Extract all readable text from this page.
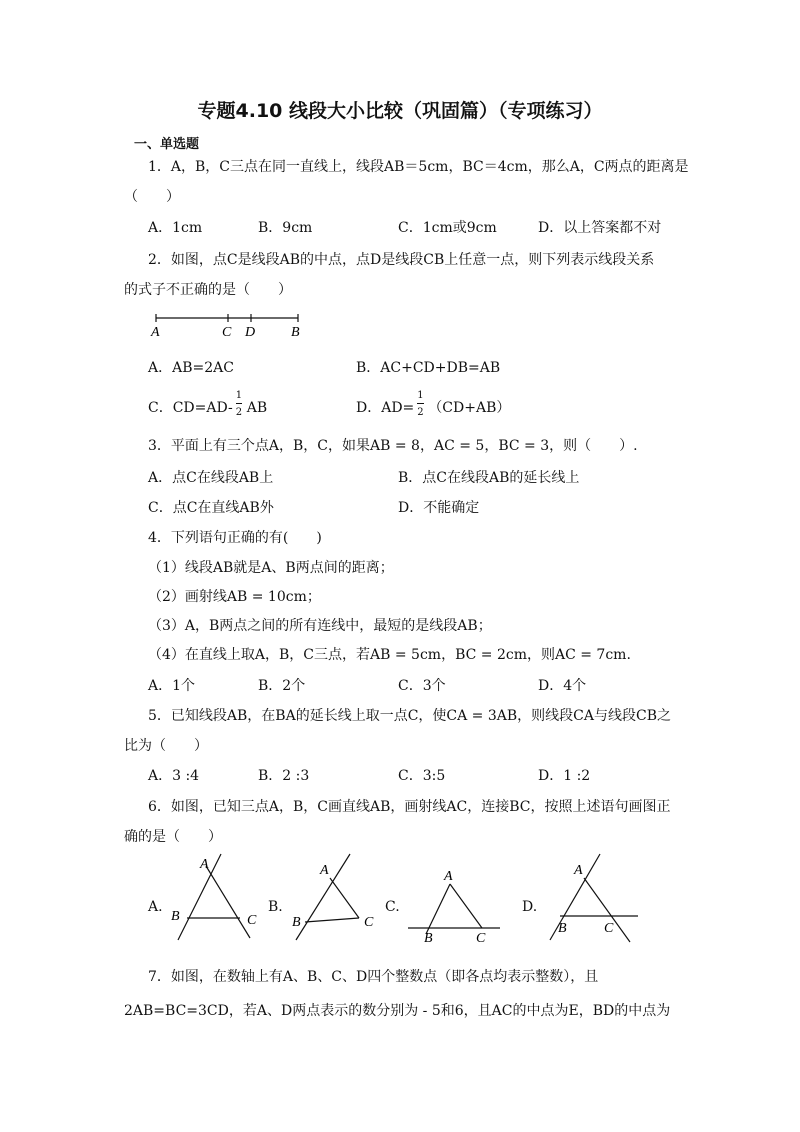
专题4.10 线段大小比较（巩固篇）（专项练习）
一、单选题
1．A，B，C三点在同一直线上，线段AB＝5cm，BC＝4cm，那么A，C两点的距离是
（　　）
A．1cm	B．9cm	C．1cm或9cm	D．以上答案都不对
2．如图，点C是线段AB的中点，点D是线段CB上任意一点，则下列表示线段关系
的式子不正确的是（　　）
A	C D	B
A．AB=2AC	B．AC+CD+DB=AB
C．$CD=AD- \frac{1}{2}$ AB	D．$AD= \frac{1}{2} (CD+AB)$
3．平面上有三个点A，B，C，如果AB = 8，AC = 5，BC = 3，则（　　）.
A．点C在线段AB上	B．点C在线段AB的延长线上
C．点C在直线AB外	D．不能确定
4．下列语句正确的有(　　)
（1）线段AB就是A、B两点间的距离；
（2）画射线AB = 10cm；
（3）A，B两点之间的所有连线中，最短的是线段AB；
（4）在直线上取A，B，C三点，若AB = 5cm，BC = 2cm，则AC = 7cm.
A．1个	B．2个	C．3个	D．4个
5．已知线段AB，在BA的延长线上取一点C，使CA = 3AB，则线段CA与线段CB之
比为（　　）
A．3 :4	B．2 :3	C．3:5	D．1 :2
6．如图，已知三点A，B，C画直线AB，画射线AC，连接BC，按照上述语句画图正
确的是（　　）
A.
A
B	C
B.
A
B	C
C.
A
B	C
D.
A
B	C
7．如图，在数轴上有A、B、C、D四个整数点（即各点均表示整数），且
2AB=BC=3CD，若A、D两点表示的数分别为 - 5和6，且AC的中点为E，BD的中点为
